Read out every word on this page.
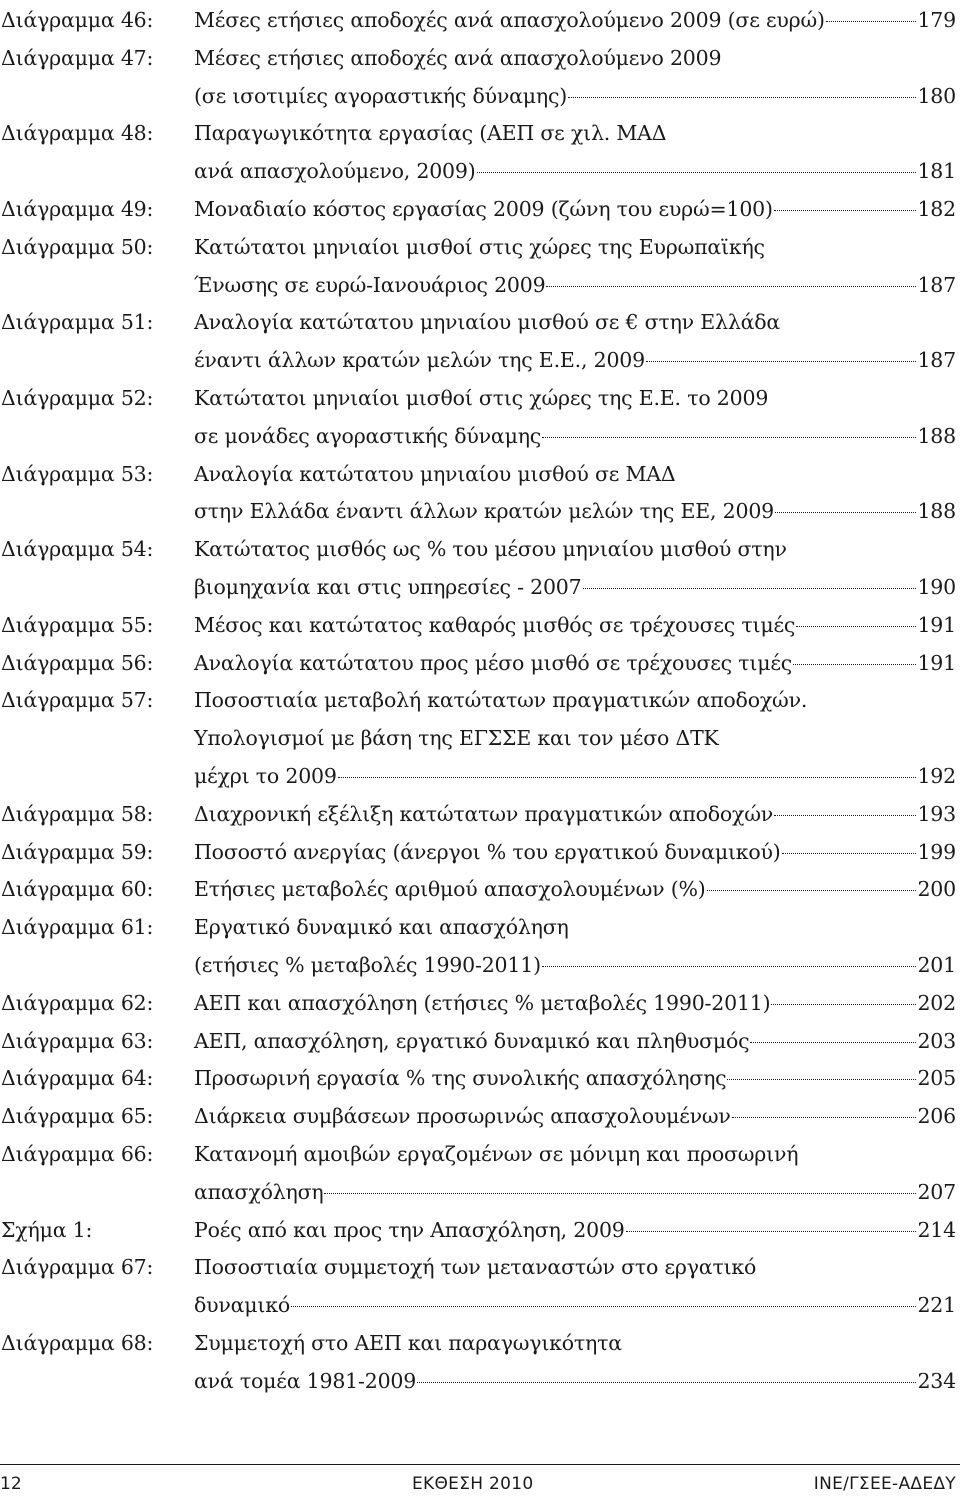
Διάγραμμα 46:	Μέσες ετήσιες αποδοχές ανά απασχολούμενο 2009 (σε ευρώ)	179
Διάγραμμα 47:	Μέσες ετήσιες αποδοχές ανά απασχολούμενο 2009
(σε ισοτιμίες αγοραστικής δύναμης)	180
Διάγραμμα 48:	Παραγωγικότητα εργασίας (ΑΕΠ σε χιλ. ΜΑΔ
ανά απασχολούμενο, 2009)	181
Διάγραμμα 49:	Μοναδιαίο κόστος εργασίας 2009 (ζώνη του ευρώ=100)	182
Διάγραμμα 50:	Κατώτατοι μηνιαίοι μισθοί στις χώρες της Ευρωπαϊκής
Ένωσης σε ευρώ-Ιανουάριος 2009	187
Διάγραμμα 51:	Αναλογία κατώτατου μηνιαίου μισθού σε € στην Ελλάδα
έναντι άλλων κρατών μελών της Ε.Ε., 2009	187
Διάγραμμα 52:	Κατώτατοι μηνιαίοι μισθοί στις χώρες της Ε.Ε. το 2009
σε μονάδες αγοραστικής δύναμης	188
Διάγραμμα 53:	Αναλογία κατώτατου μηνιαίου μισθού σε ΜΑΔ
στην Ελλάδα έναντι άλλων κρατών μελών της ΕΕ, 2009	188
Διάγραμμα 54:	Κατώτατος μισθός ως % του μέσου μηνιαίου μισθού στην
βιομηχανία και στις υπηρεσίες - 2007	190
Διάγραμμα 55:	Μέσος και κατώτατος καθαρός μισθός σε τρέχουσες τιμές	191
Διάγραμμα 56:	Αναλογία κατώτατου προς μέσο μισθό σε τρέχουσες τιμές	191
Διάγραμμα 57:	Ποσοστιαία μεταβολή κατώτατων πραγματικών αποδοχών.
Υπολογισμοί με βάση της ΕΓΣΣΕ και τον μέσο ΔΤΚ
μέχρι το 2009	192
Διάγραμμα 58:	Διαχρονική εξέλιξη κατώτατων πραγματικών αποδοχών	193
Διάγραμμα 59:	Ποσοστό ανεργίας (άνεργοι % του εργατικού δυναμικού)	199
Διάγραμμα 60:	Ετήσιες μεταβολές αριθμού απασχολουμένων (%)	200
Διάγραμμα 61:	Εργατικό δυναμικό και απασχόληση
(ετήσιες % μεταβολές 1990-2011)	201
Διάγραμμα 62:	ΑΕΠ και απασχόληση (ετήσιες % μεταβολές 1990-2011)	202
Διάγραμμα 63:	ΑΕΠ, απασχόληση, εργατικό δυναμικό και πληθυσμός	203
Διάγραμμα 64:	Προσωρινή εργασία % της συνολικής απασχόλησης	205
Διάγραμμα 65:	Διάρκεια συμβάσεων προσωρινώς απασχολουμένων	206
Διάγραμμα 66:	Κατανομή αμοιβών εργαζομένων σε μόνιμη και προσωρινή
απασχόληση	207
Σχήμα 1:	Ροές από και προς την Απασχόληση, 2009	214
Διάγραμμα 67:	Ποσοστιαία συμμετοχή των μεταναστών στο εργατικό
δυναμικό	221
Διάγραμμα 68:	Συμμετοχή στο ΑΕΠ και παραγωγικότητα
ανά τομέα 1981-2009	234
12	ΕΚΘΕΣΗ 2010	ΙΝΕ/ΓΣΕΕ-ΑΔΕΔΥ
